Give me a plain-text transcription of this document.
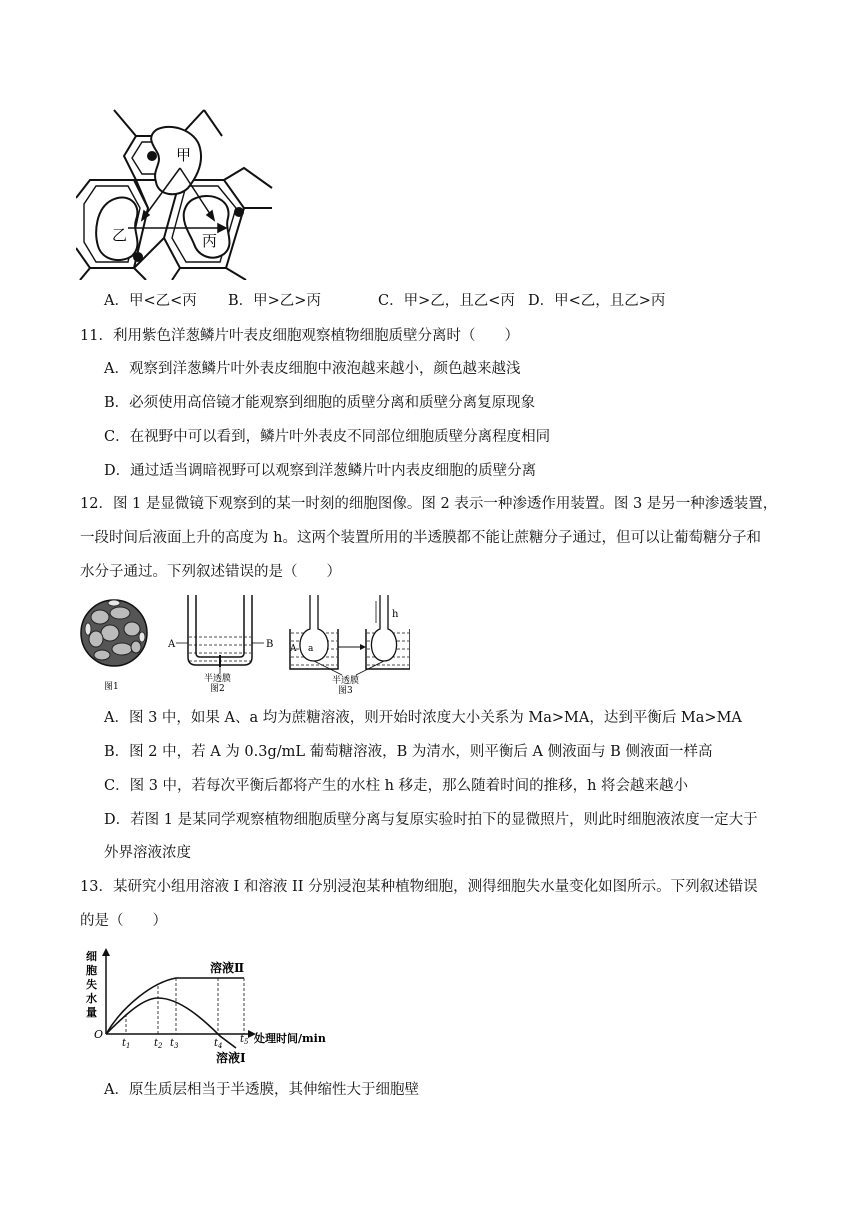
甲
乙	丙
A．甲<乙<丙 B．甲>乙>丙	C．甲>乙，且乙<丙 D．甲<乙，且乙>丙
11．利用紫色洋葱鳞片叶表皮细胞观察植物细胞质壁分离时（　　）
A．观察到洋葱鳞片叶外表皮细胞中液泡越来越小，颜色越来越浅
B．必须使用高倍镜才能观察到细胞的质壁分离和质壁分离复原现象
C．在视野中可以看到，鳞片叶外表皮不同部位细胞质壁分离程度相同
D．通过适当调暗视野可以观察到洋葱鳞片叶内表皮细胞的质壁分离
12．图 1 是显微镜下观察到的某一时刻的细胞图像。图 2 表示一种渗透作用装置。图 3 是另一种渗透装置，
一段时间后液面上升的高度为 h。这两个装置所用的半透膜都不能让蔗糖分子通过，但可以让葡萄糖分子和
水分子通过。下列叙述错误的是（　　）
图1
A	B
半透膜
图2
h
A a
半透膜
图3
A．图 3 中，如果 A、a 均为蔗糖溶液，则开始时浓度大小关系为 Ma>MA，达到平衡后 Ma>MA
B．图 2 中，若 A 为 0.3g/mL 葡萄糖溶液，B 为清水，则平衡后 A 侧液面与 B 侧液面一样高
C．图 3 中，若每次平衡后都将产生的水柱 h 移走，那么随着时间的推移，h 将会越来越小
D．若图 1 是某同学观察植物细胞质壁分离与复原实验时拍下的显微照片，则此时细胞液浓度一定大于
外界溶液浓度
13．某研究小组用溶液 I 和溶液 II 分别浸泡某种植物细胞，测得细胞失水量变化如图所示。下列叙述错误
的是（　　）
细
胞
失
水
量
O
$t_1$ $t_2$ $t_3$	$t_4$
$t_5$
溶液Ⅱ
溶液Ⅰ
处理时间/min
A．原生质层相当于半透膜，其伸缩性大于细胞壁
